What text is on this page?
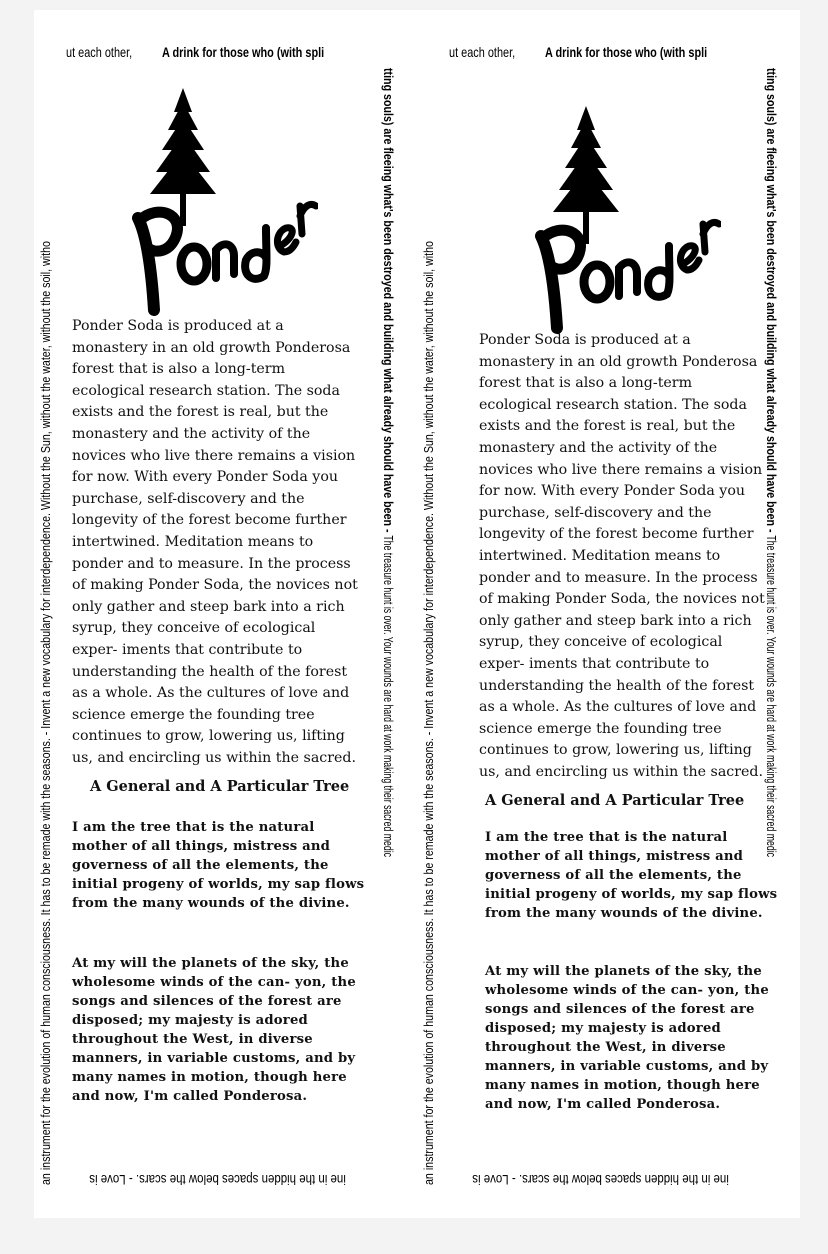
ut each other, A drink for those who (with spli
an instrument for the evolution of human consciousness. It has to be remade with the seasons. - Invent a new vocabulary for interdependence. Without the Sun, without the water, without the soil, witho	tting souls) are fleeing what's been destroyed and building what already should have been - The treasure hunt is over. Your wounds are hard at work making their sacred medic
ine in the hidden spaces below the scars. - Love is
Ponder

Ponder Soda is produced at a monastery in an old growth Ponderosa forest that is also a long-term ecological research station. The soda exists and the forest is real, but the monastery and the activity of the novices who live there remains a vision for now. With every Ponder Soda you purchase, self-discovery and the longevity of the forest become further intertwined. Meditation means to ponder and to measure. In the process of making Ponder Soda, the novices not only gather and steep bark into a rich syrup, they conceive of ecological exper- iments that contribute to understanding the health of the forest as a whole. As the cultures of love and science emerge the founding tree continues to grow, lowering us, lifting us, and encircling us within the sacred.

A General and A Particular Tree

I am the tree that is the natural mother of all things, mistress and governess of all the elements, the initial progeny of worlds, my sap flows from the many wounds of the divine.

At my will the planets of the sky, the wholesome winds of the can- yon, the songs and silences of the forest are disposed; my majesty is adored throughout the West, in diverse manners, in variable customs, and by many names in motion, though here and now, I'm called Ponderosa.

ut each other, A drink for those who (with spli
an instrument for the evolution of human consciousness. It has to be remade with the seasons. - Invent a new vocabulary for interdependence. Without the Sun, without the water, without the soil, witho	tting souls) are fleeing what's been destroyed and building what already should have been - The treasure hunt is over. Your wounds are hard at work making their sacred medic
ine in the hidden spaces below the scars. - Love is
Ponder

Ponder Soda is produced at a monastery in an old growth Ponderosa forest that is also a long-term ecological research station. The soda exists and the forest is real, but the monastery and the activity of the novices who live there remains a vision for now. With every Ponder Soda you purchase, self-discovery and the longevity of the forest become further intertwined. Meditation means to ponder and to measure. In the process of making Ponder Soda, the novices not only gather and steep bark into a rich syrup, they conceive of ecological exper- iments that contribute to understanding the health of the forest as a whole. As the cultures of love and science emerge the founding tree continues to grow, lowering us, lifting us, and encircling us within the sacred.

A General and A Particular Tree

I am the tree that is the natural mother of all things, mistress and governess of all the elements, the initial progeny of worlds, my sap flows from the many wounds of the divine.

At my will the planets of the sky, the wholesome winds of the can- yon, the songs and silences of the forest are disposed; my majesty is adored throughout the West, in diverse manners, in variable customs, and by many names in motion, though here and now, I'm called Ponderosa.
